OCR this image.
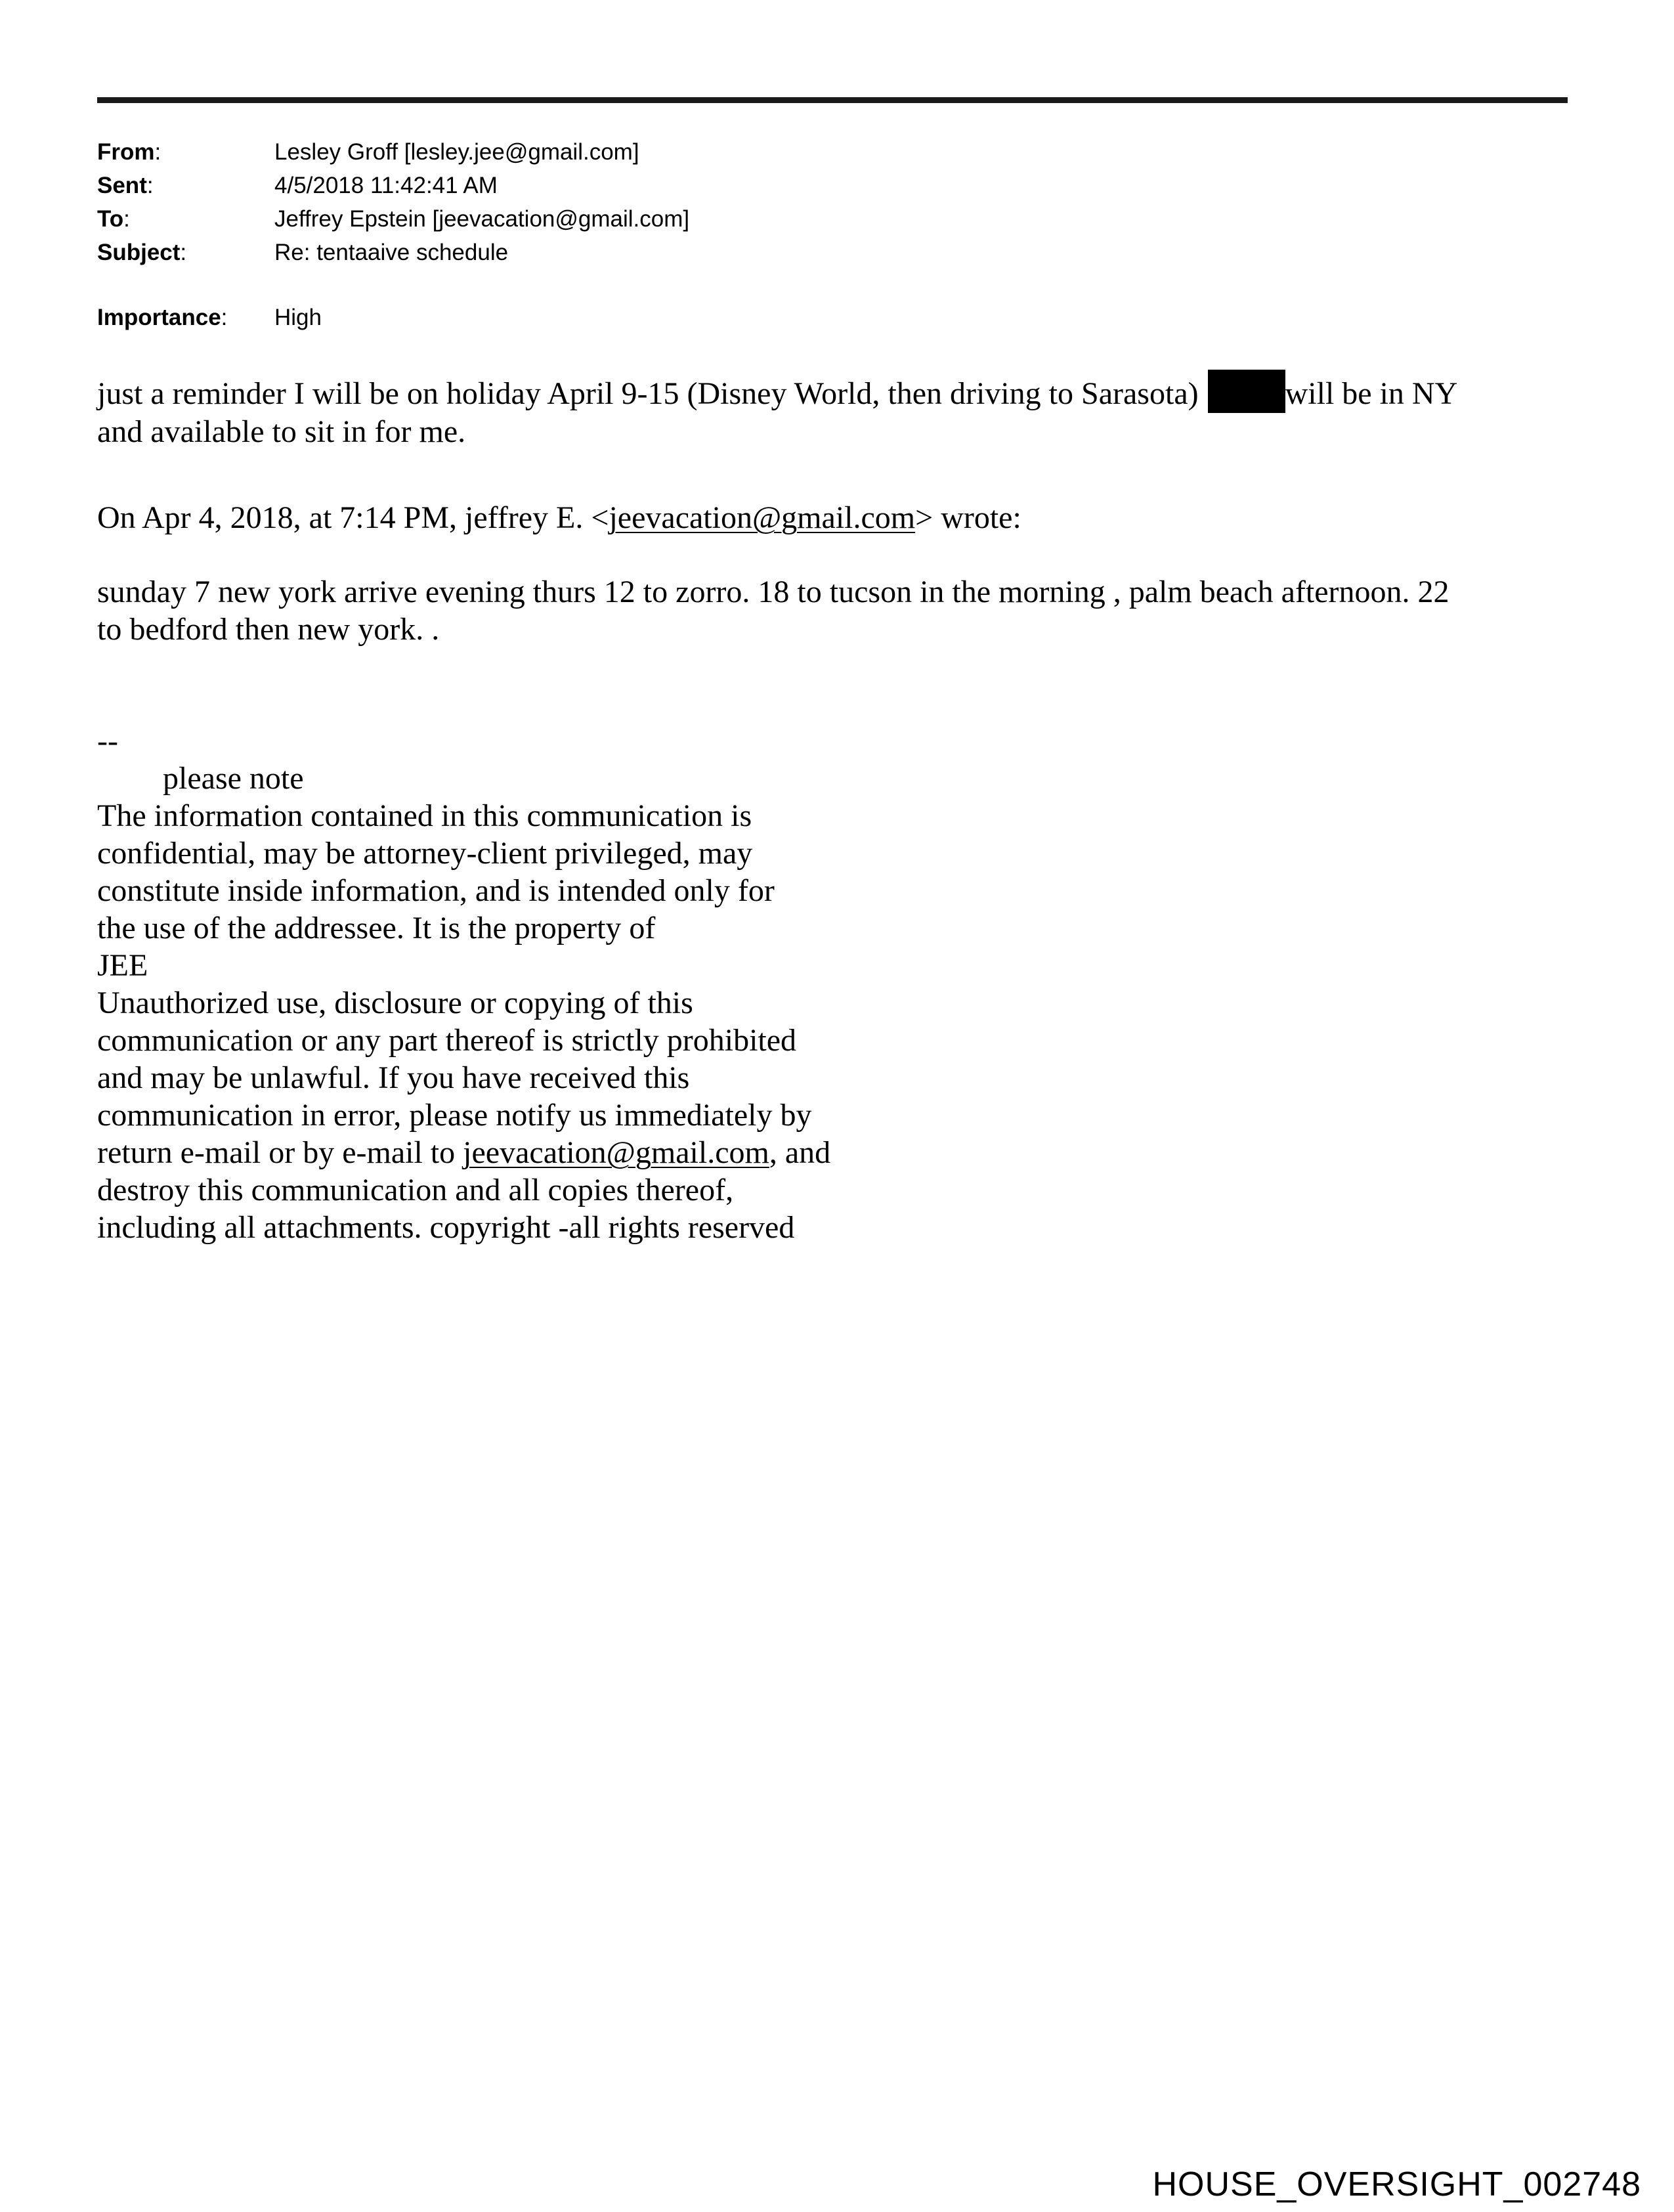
From:	Lesley Groff [lesley.jee@gmail.com]
Sent:	4/5/2018 11:42:41 AM
To:	Jeffrey Epstein [jeevacation@gmail.com]
Subject:	Re: tentaaive schedule
Importance:	High
just a reminder I will be on holiday April 9-15 (Disney World, then driving to Sarasota)	will be in NY
and available to sit in for me.
On Apr 4, 2018, at 7:14 PM, jeffrey E. <jeevacation@gmail.com> wrote:
sunday 7 new york arrive evening thurs 12 to zorro. 18 to tucson in the morning , palm beach afternoon. 22
to bedford then new york. .
--
please note
The information contained in this communication is
confidential, may be attorney-client privileged, may
constitute inside information, and is intended only for
the use of the addressee. It is the property of
JEE
Unauthorized use, disclosure or copying of this
communication or any part thereof is strictly prohibited
and may be unlawful. If you have received this
communication in error, please notify us immediately by
return e-mail or by e-mail to jeevacation@gmail.com, and
destroy this communication and all copies thereof,
including all attachments. copyright -all rights reserved
HOUSE_OVERSIGHT_002748
